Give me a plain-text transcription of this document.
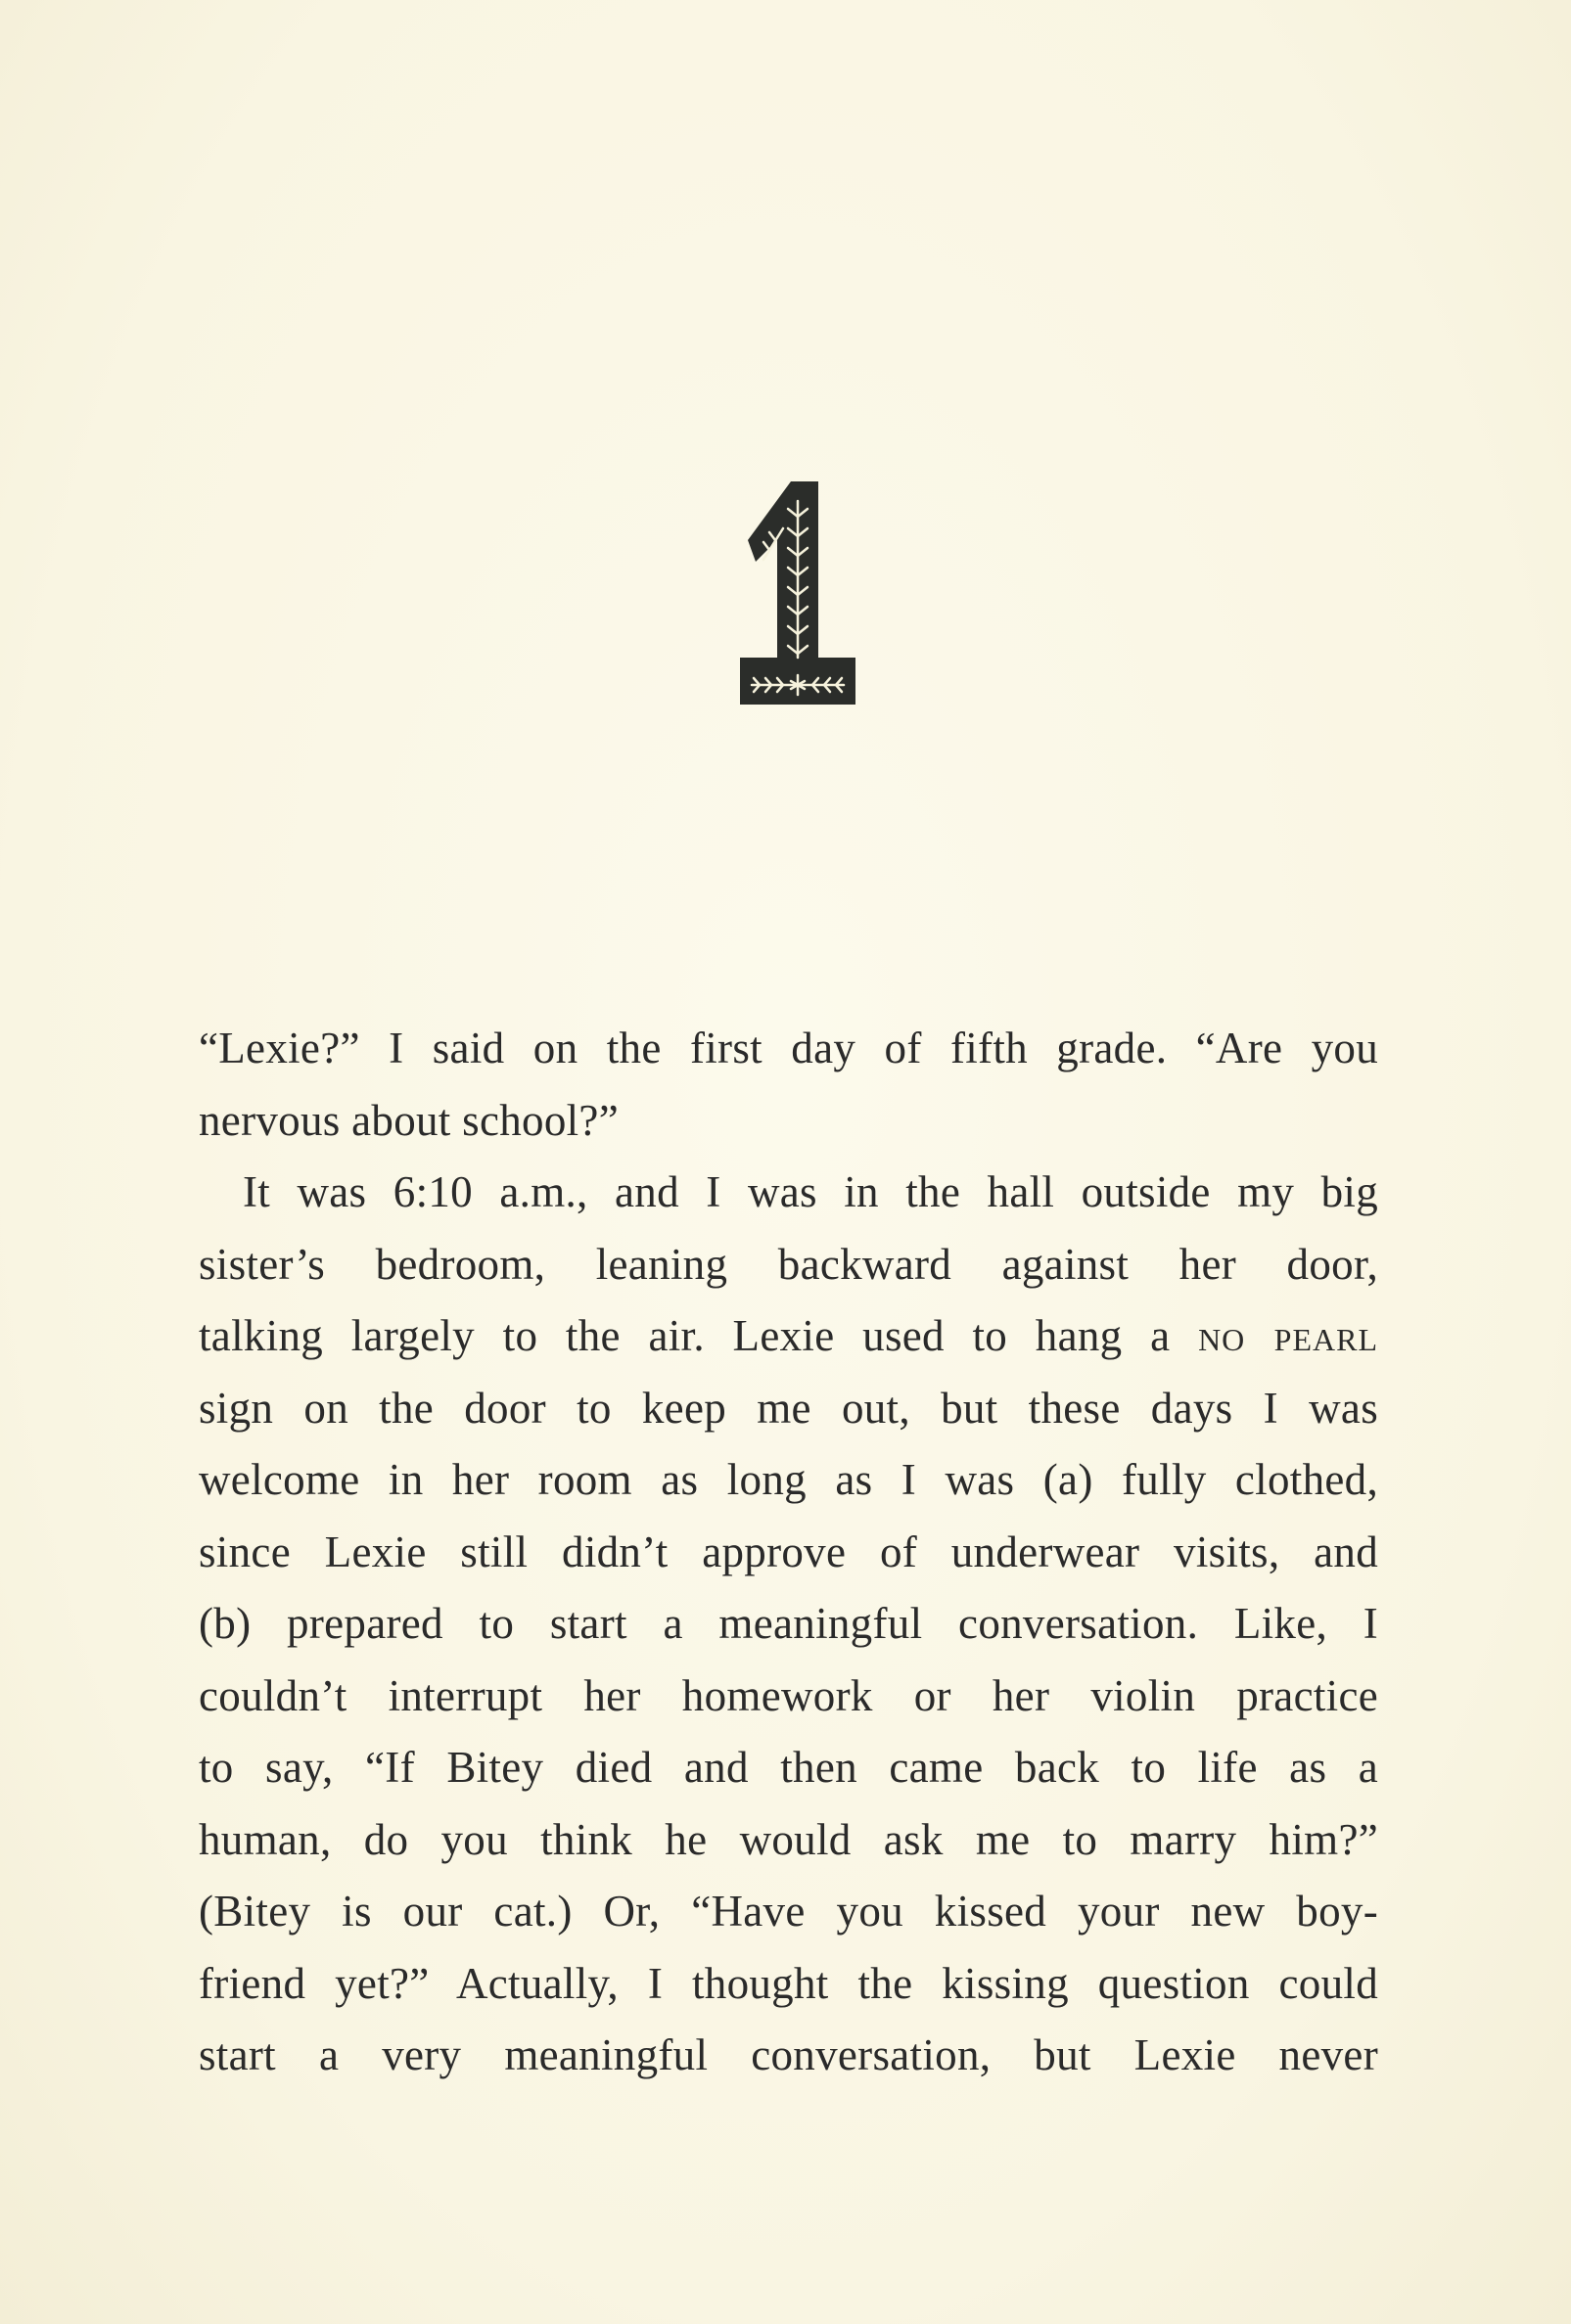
“Lexie?” I said on the first day of fifth grade. “Are you
nervous about school?”
It was 6:10 a.m., and I was in the hall outside my big
sister’s bedroom, leaning backward against her door,
talking largely to the air. Lexie used to hang a no pearl
sign on the door to keep me out, but these days I was
welcome in her room as long as I was (a) fully clothed,
since Lexie still didn’t approve of underwear visits, and
(b) prepared to start a meaningful conversation. Like, I
couldn’t interrupt her homework or her violin practice
to say, “If Bitey died and then came back to life as a
human, do you think he would ask me to marry him?”
(Bitey is our cat.) Or, “Have you kissed your new boy-
friend yet?” Actually, I thought the kissing question could
start a very meaningful conversation, but Lexie never
